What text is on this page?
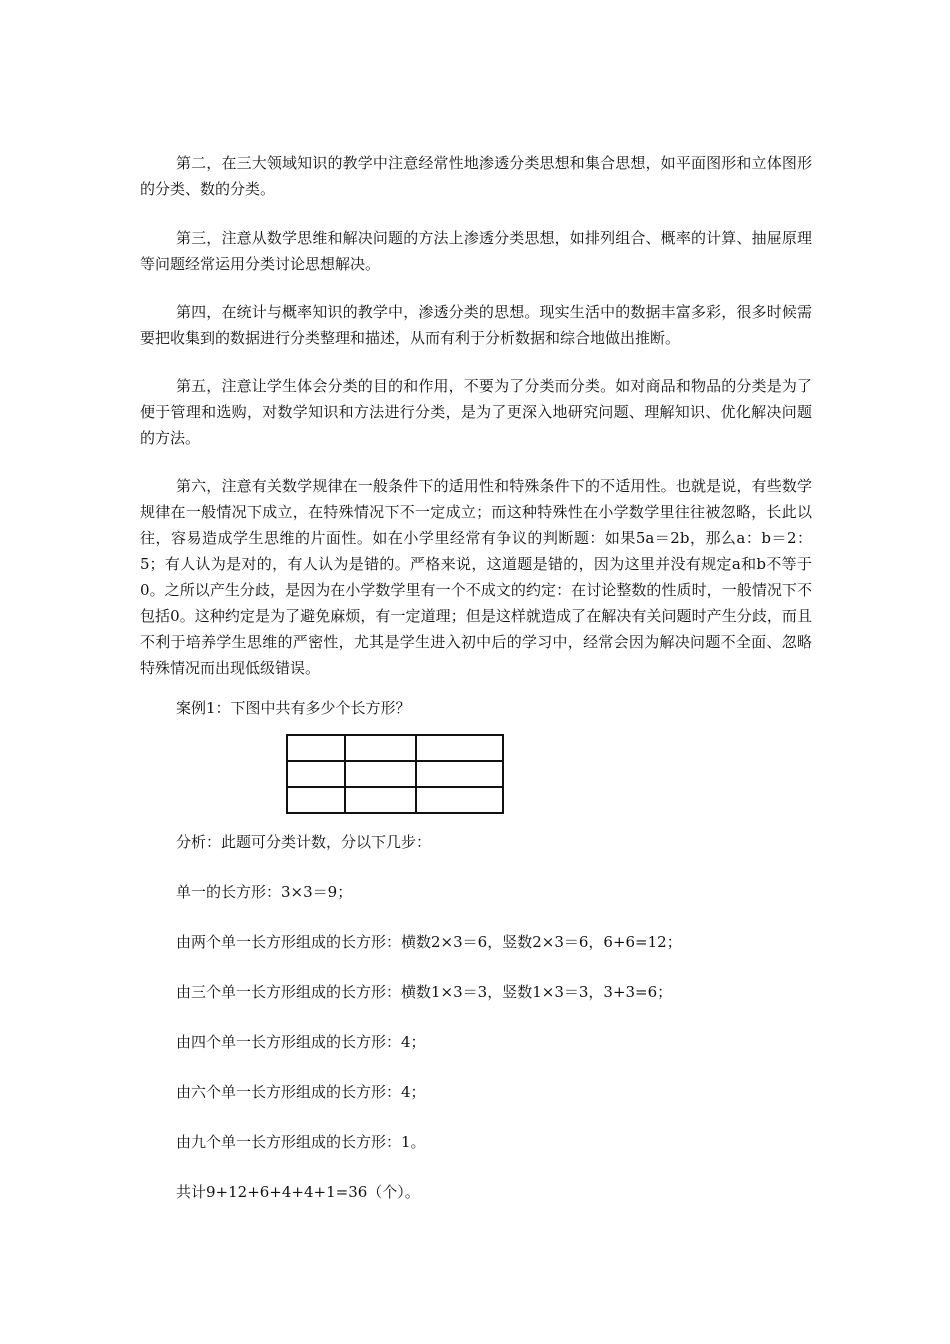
第二，在三大领域知识的教学中注意经常性地渗透分类思想和集合思想，如平面图形和立体图形的分类、数的分类。

第三，注意从数学思维和解决问题的方法上渗透分类思想，如排列组合、概率的计算、抽屉原理等问题经常运用分类讨论思想解决。

第四，在统计与概率知识的教学中，渗透分类的思想。现实生活中的数据丰富多彩，很多时候需要把收集到的数据进行分类整理和描述，从而有利于分析数据和综合地做出推断。

第五，注意让学生体会分类的目的和作用，不要为了分类而分类。如对商品和物品的分类是为了便于管理和选购，对数学知识和方法进行分类，是为了更深入地研究问题、理解知识、优化解决问题的方法。

第六，注意有关数学规律在一般条件下的适用性和特殊条件下的不适用性。也就是说，有些数学规律在一般情况下成立，在特殊情况下不一定成立；而这种特殊性在小学数学里往往被忽略，长此以往，容易造成学生思维的片面性。如在小学里经常有争议的判断题：如果5a＝2b，那么a：b＝2：5；有人认为是对的，有人认为是错的。严格来说，这道题是错的，因为这里并没有规定a和b不等于0。之所以产生分歧，是因为在小学数学里有一个不成文的约定：在讨论整数的性质时，一般情况下不包括0。这种约定是为了避免麻烦，有一定道理；但是这样就造成了在解决有关问题时产生分歧，而且不利于培养学生思维的严密性，尤其是学生进入初中后的学习中，经常会因为解决问题不全面、忽略特殊情况而出现低级错误。

案例1：下图中共有多少个长方形？

分析：此题可分类计数，分以下几步：

单一的长方形：3×3＝9；

由两个单一长方形组成的长方形：横数2×3＝6，竖数2×3＝6，6+6=12；

由三个单一长方形组成的长方形：横数1×3＝3，竖数1×3＝3，3+3=6；

由四个单一长方形组成的长方形：4；

由六个单一长方形组成的长方形：4；

由九个单一长方形组成的长方形：1。

共计9+12+6+4+4+1=36（个）。
